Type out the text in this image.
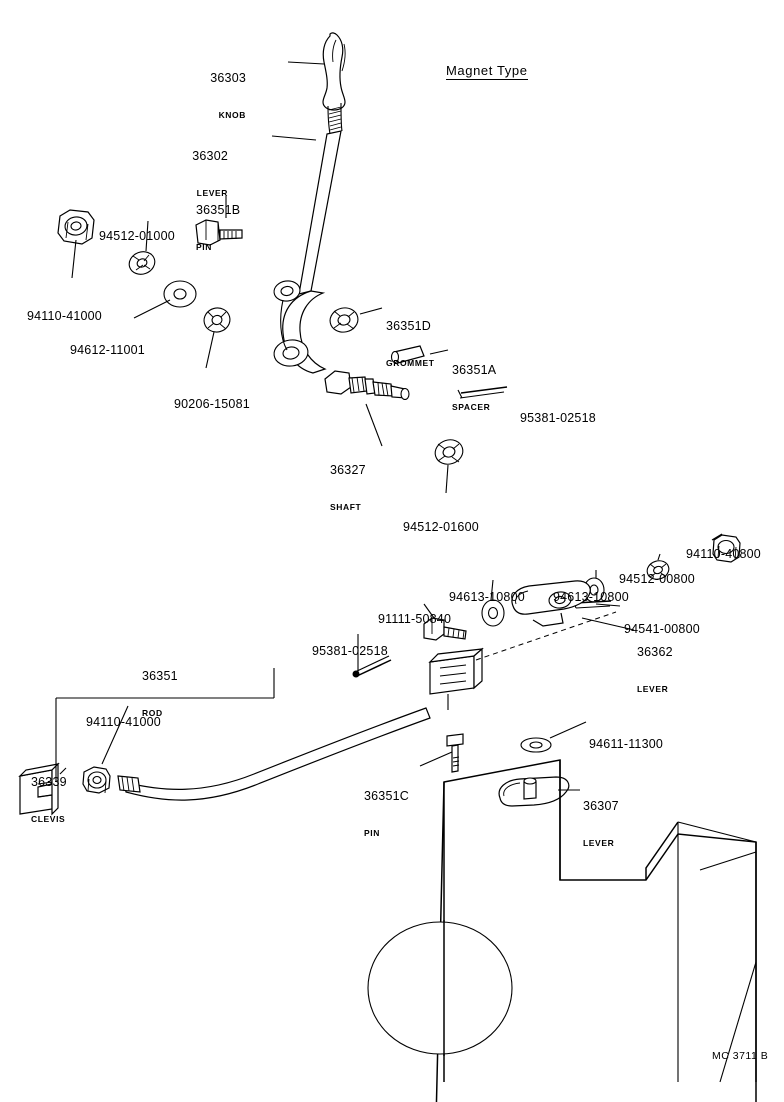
Magnet Type

36303

KNOB

36302

LEVER

36351B

PIN

94512-01000

94110-41000

94612-11001

90206-15081

36351D

GROMMET

36351A

SPACER

95381-02518

36327

SHAFT

94512-01600

94110-40800

94512-00800

94613-10800

94613-10800

94541-00800

36362

LEVER

91111-50840

95381-02518

36351

ROD

94110-41000

36339

CLEVIS

36351C

PIN

94611-11300

36307

LEVER

MC 3711 B
